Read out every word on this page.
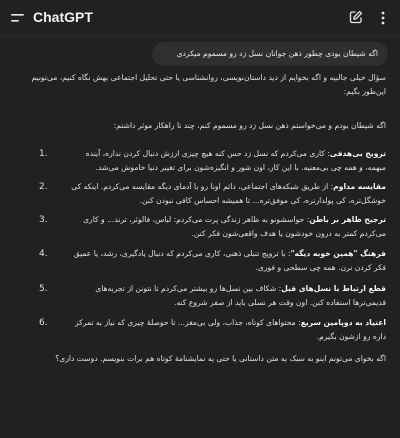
ChatGPT
اگه شیطان بودی چطور ذهن جوانان نسل زد رو مسموم میکردی
سؤال خیلی جالبیه و اگه بخوایم از دید داستان‌نویسی، روانشناسی یا حتی تحلیل اجتماعی بهش نگاه کنیم، می‌تونیم این‌طور بگیم:
اگه شیطان بودم و می‌خواستم ذهن نسل زد رو مسموم کنم، چند تا راهکار موثر داشتم:
1.	ترویج بی‌هدفی: کاری می‌کردم که نسل زد حس کنه هیچ چیزی ارزش دنبال کردن نداره، آینده مبهمه، و همه چی بی‌معنیه. با این کار، اون شور و انگیزه‌شون برای تغییر دنیا خاموش می‌شد.
2.	مقایسه مداوم: از طریق شبکه‌های اجتماعی، دائم اونا رو با آدمای دیگه مقایسه می‌کردم. اینکه کی خوشگل‌تره، کی پولدارتره، کی موفق‌تره... تا همیشه احساس کافی نبودن کنن.
3.	ترجیح ظاهر بر باطن: حواسشونو به ظاهر زندگی پرت می‌کردم: لباس، فالوئر، ترند... و کاری می‌کردم کمتر به درون خودشون یا هدف واقعی‌شون فکر کنن.
4.	فرهنگ "همین خوبه دیگه": با ترویج تنبلی ذهنی، کاری می‌کردم که دنبال یادگیری، رشد، یا عمیق فکر کردن نرن. همه چی سطحی و فوری.
5.	قطع ارتباط با نسل‌های قبل: شکاف بین نسل‌ها رو بیشتر می‌کردم تا نتونن از تجربه‌های قدیمی‌ترها استفاده کنن. اون وقت هر نسلی باید از صفر شروع کنه.
6.	اعتیاد به دوپامین سریع: محتواهای کوتاه، جذاب، ولی بی‌مغز... تا حوصلهٔ چیزی که نیاز به تمرکز داره رو ازشون بگیرم.
اگه بخوای می‌تونم اینو به سبک یه متن داستانی یا حتی یه نمایشنامهٔ کوتاه هم برات بنویسم. دوست داری؟
